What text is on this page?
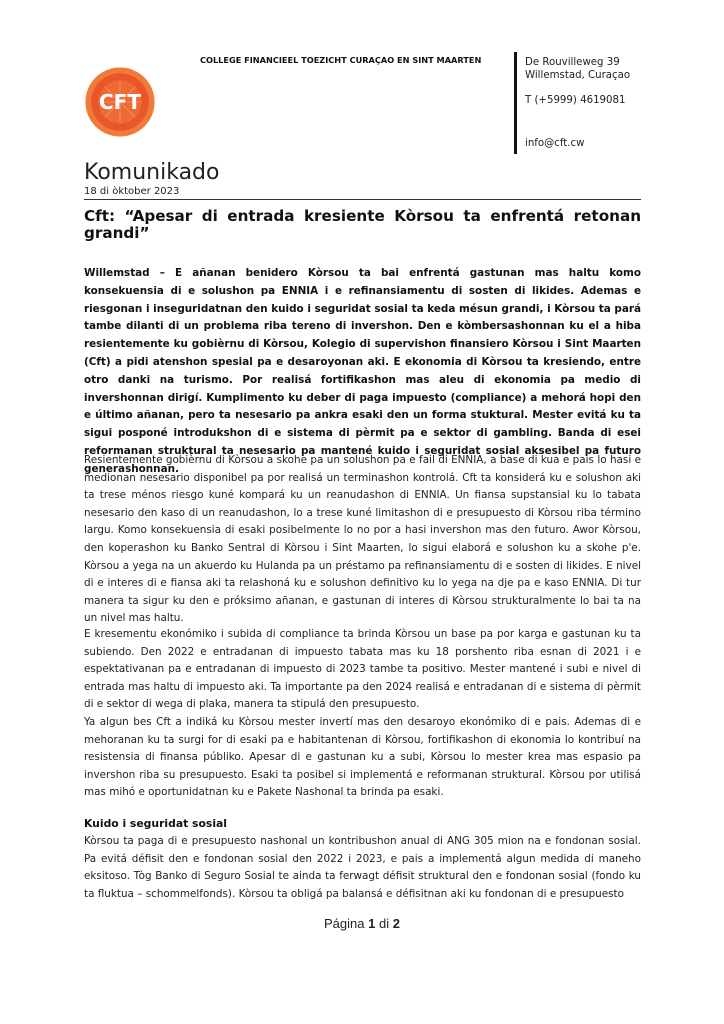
CFT
COLLEGE FINANCIEEL TOEZICHT CURAÇAO EN SINT MAARTEN	De Rouvilleweg 39
Willemstad, Curaçao
T (+5999) 4619081
info@cft.cw
Komunikado
18 di òktober 2023
Cft: “Apesar di entrada kresiente Kòrsou ta enfrentá retonan grandi”
Willemstad – E añanan benidero Kòrsou ta bai enfrentá gastunan mas haltu komo konsekuensia di e solushon pa ENNIA i e refinansiamentu di sosten di likides. Ademas e riesgonan i inseguridatnan den kuido i seguridat sosial ta keda mésun grandi, i Kòrsou ta pará tambe dilanti di un problema riba tereno di invershon. Den e kòmbersashonnan ku el a hiba resientemente ku gobièrnu di Kòrsou, Kolegio di supervishon finansiero Kòrsou i Sint Maarten (Cft) a pidi atenshon spesial pa e desaroyonan aki. E ekonomia di Kòrsou ta kresiendo, entre otro danki na turismo. Por realisá fortifikashon mas aleu di ekonomia pa medio di invershonnan dirigí. Kumplimento ku deber di paga impuesto (compliance) a mehorá hopi den e último añanan, pero ta nesesario pa ankra esaki den un forma stuktural. Mester evitá ku ta sigui posponé introdukshon di e sistema di pèrmit pa e sektor di gambling. Banda di esei reformanan struktural ta nesesario pa mantené kuido i seguridat sosial aksesibel pa futuro generashonnan.
Resientemente gobièrnu di Kòrsou a skohe pa un solushon pa e fail di ENNIA, a base di kua e pais lo hasi e medionan nesesario disponibel pa por realisá un terminashon kontrolá. Cft ta konsiderá ku e solushon aki ta trese ménos riesgo kuné kompará ku un reanudashon di ENNIA. Un fiansa supstansial ku lo tabata nesesario den kaso di un reanudashon, lo a trese kuné limitashon di e presupuesto di Kòrsou riba término largu. Komo konsekuensia di esaki posibelmente lo no por a hasi invershon mas den futuro. Awor Kòrsou, den koperashon ku Banko Sentral di Kòrsou i Sint Maarten, lo sigui elaborá e solushon ku a skohe p'e. Kòrsou a yega na un akuerdo ku Hulanda pa un préstamo pa refinansiamentu di e sosten di likides. E nivel di e interes di e fiansa aki ta relashoná ku e solushon definitivo ku lo yega na dje pa e kaso ENNIA. Di tur manera ta sigur ku den e próksimo añanan, e gastunan di interes di Kòrsou strukturalmente lo bai ta na un nivel mas haltu.
E kresementu ekonómiko i subida di compliance ta brinda Kòrsou un base pa por karga e gastunan ku ta subiendo. Den 2022 e entradanan di impuesto tabata mas ku 18 porshento riba esnan di 2021 i e espektativanan pa e entradanan di impuesto di 2023 tambe ta positivo. Mester mantené i subi e nivel di entrada mas haltu di impuesto aki. Ta importante pa den 2024 realisá e entradanan di e sistema di pèrmit di e sektor di wega di plaka, manera ta stipulá den presupuesto.
Ya algun bes Cft a indiká ku Kòrsou mester invertí mas den desaroyo ekonómiko di e pais. Ademas di e mehoranan ku ta surgi for di esaki pa e habitantenan di Kòrsou, fortifikashon di ekonomia lo kontribuí na resistensia di finansa públiko. Apesar di e gastunan ku a subi, Kòrsou lo mester krea mas espasio pa invershon riba su presupuesto. Esaki ta posibel si implementá e reformanan struktural. Kòrsou por utilisá mas mihó e oportunidatnan ku e Pakete Nashonal ta brinda pa esaki.
Kuido i seguridat sosial
Kòrsou ta paga di e presupuesto nashonal un kontribushon anual di ANG 305 mion na e fondonan sosial. Pa evitá défisit den e fondonan sosial den 2022 i 2023, e pais a implementá algun medida di maneho eksitoso. Tòg Banko di Seguro Sosial te ainda ta ferwagt défisit struktural den e fondonan sosial (fondo ku ta fluktua – schommelfonds). Kòrsou ta obligá pa balansá e défisitnan aki ku fondonan di e presupuesto
Página 1 di 2
